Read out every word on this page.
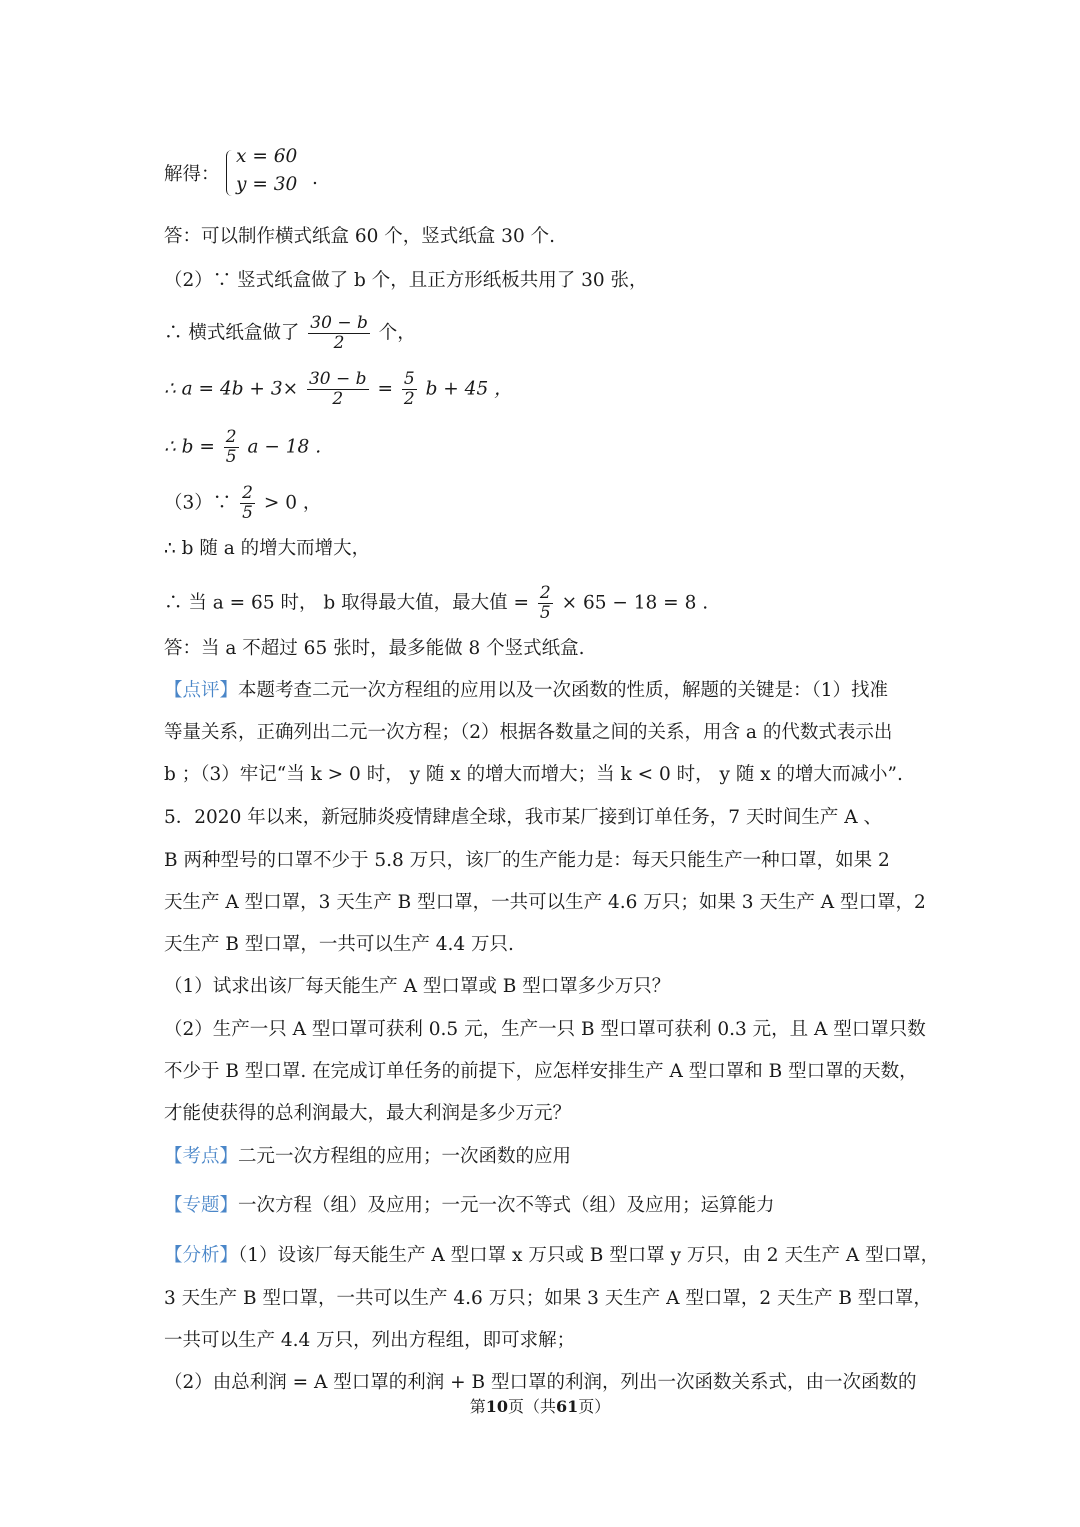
解得：
x = 60
y = 30 .
答：可以制作横式纸盒 60 个，竖式纸盒 30 个.
（2）∵ 竖式纸盒做了 b 个，且正方形纸板共用了 30 张，
∴ 横式纸盒做了 $\frac{30 - b}{2}$ 个，
∴ $a = 4b + 3\times \frac{30 - b}{2} = \frac{5}{2}$ b + 45 ，
∴ $b = \frac{2}{5}$ a − 18 .
（3）∵ $\frac{2}{5} > 0$ ，
∴ b 随 a 的增大而增大，
∴ 当 a = 65 时， b 取得最大值，最大值 = $\frac{2}{5} \times 65 - 18 = 8$ .
答：当 a 不超过 65 张时，最多能做 8 个竖式纸盒.
【点评】本题考查二元一次方程组的应用以及一次函数的性质，解题的关键是：（1）找准
等量关系，正确列出二元一次方程；（2）根据各数量之间的关系，用含 a 的代数式表示出
b ；（3）牢记“当 k > 0 时， y 随 x 的增大而增大；当 k < 0 时， y 随 x 的增大而减小”.
5．2020 年以来，新冠肺炎疫情肆虐全球，我市某厂接到订单任务，7 天时间生产 A 、
B 两种型号的口罩不少于 5.8 万只，该厂的生产能力是：每天只能生产一种口罩，如果 2
天生产 A 型口罩，3 天生产 B 型口罩，一共可以生产 4.6 万只；如果 3 天生产 A 型口罩，2
天生产 B 型口罩，一共可以生产 4.4 万只.
（1）试求出该厂每天能生产 A 型口罩或 B 型口罩多少万只？
（2）生产一只 A 型口罩可获利 0.5 元，生产一只 B 型口罩可获利 0.3 元，且 A 型口罩只数
不少于 B 型口罩. 在完成订单任务的前提下，应怎样安排生产 A 型口罩和 B 型口罩的天数，
才能使获得的总利润最大，最大利润是多少万元？
【考点】二元一次方程组的应用；一次函数的应用
【专题】一次方程（组）及应用；一元一次不等式（组）及应用；运算能力
【分析】（1）设该厂每天能生产 A 型口罩 x 万只或 B 型口罩 y 万只，由 2 天生产 A 型口罩，
3 天生产 B 型口罩，一共可以生产 4.6 万只；如果 3 天生产 A 型口罩，2 天生产 B 型口罩，
一共可以生产 4.4 万只，列出方程组，即可求解；
（2）由总利润 = A 型口罩的利润 + B 型口罩的利润，列出一次函数关系式，由一次函数的
第10页（共61页）
